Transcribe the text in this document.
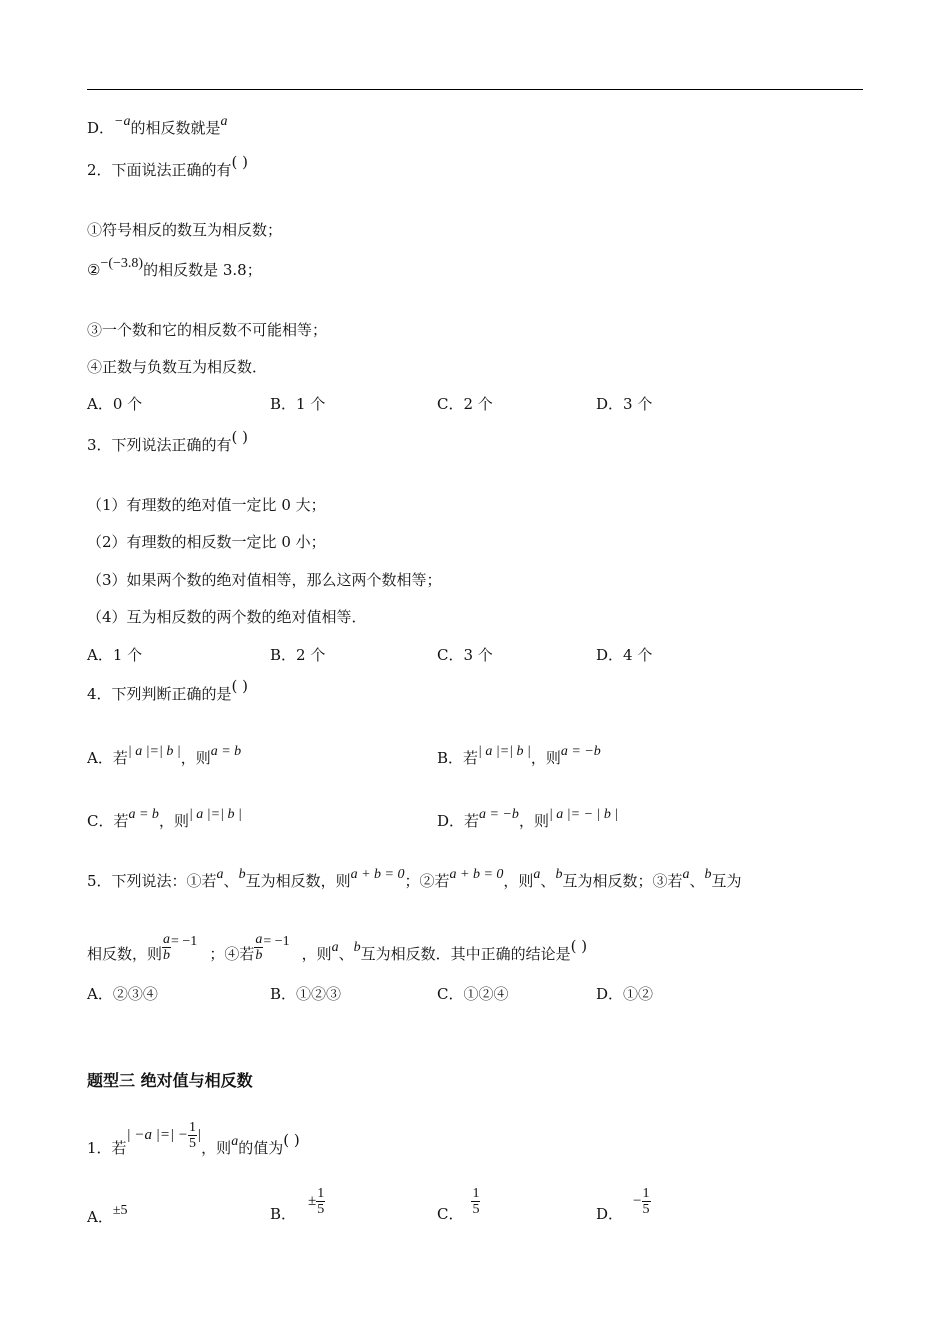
D．−a的相反数就是a
2．下面说法正确的有( )
①符号相反的数互为相反数；
②−(−3.8)的相反数是 3.8；
③一个数和它的相反数不可能相等；
④正数与负数互为相反数．
A．0 个	B．1 个	C．2 个	D．3 个
3．下列说法正确的有( )
（1）有理数的绝对值一定比 0 大；
（2）有理数的相反数一定比 0 小；
（3）如果两个数的绝对值相等，那么这两个数相等；
（4）互为相反数的两个数的绝对值相等．
A．1 个	B．2 个	C．3 个	D．4 个
4．下列判断正确的是( )
A．若| a |=| b |，则a = b	B．若| a |=| b |，则a = −b
C．若a = b，则| a |=| b |	D．若a = −b，则| a |= − | b |
5．下列说法：①若a、b互为相反数，则a + b = 0；②若a + b = 0，则a、b互为相反数；③若a、b互为
相反数，则 $\frac{a}{b} = -1$；④若 $\frac{a}{b} = -1$，则a、b互为相反数．其中正确的结论是( )
A．②③④	B．①②③	C．①②④	D．①②
题型三 绝对值与相反数
1．若| −a |=| − $\frac{1}{5}$ |，则a的值为( )
A．±5	B．± $\frac{1}{5}$	C． $\frac{1}{5}$	D．− $\frac{1}{5}$
